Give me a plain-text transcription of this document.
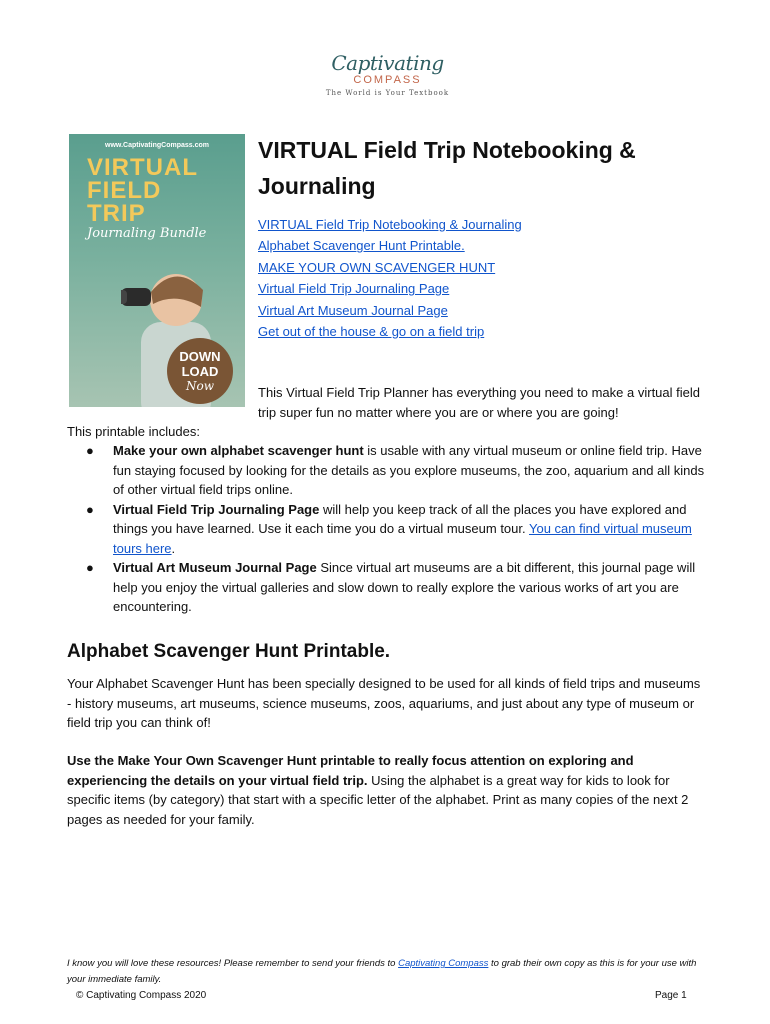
Captivating
COMPASS
The World is Your Textbook
www.CaptivatingCompass.com
VIRTUAL
FIELD
TRIP
Journaling Bundle
DOWN
LOAD
Now
VIRTUAL Field Trip Notebooking & Journaling
VIRTUAL Field Trip Notebooking & Journaling
Alphabet Scavenger Hunt Printable.
MAKE YOUR OWN SCAVENGER HUNT
Virtual Field Trip Journaling Page
Virtual Art Museum Journal Page
Get out of the house & go on a field trip

This Virtual Field Trip Planner has everything you need to make a virtual field trip super fun no matter where you are or where you are going!

This printable includes:

● Make your own alphabet scavenger hunt is usable with any virtual museum or online field trip. Have fun staying focused by looking for the details as you explore museums, the zoo, aquarium and all kinds of other virtual field trips online.
● Virtual Field Trip Journaling Page will help you keep track of all the places you have explored and things you have learned. Use it each time you do a virtual museum tour. You can find virtual museum tours here.
● Virtual Art Museum Journal Page Since virtual art museums are a bit different, this journal page will help you enjoy the virtual galleries and slow down to really explore the various works of art you are encountering.
Alphabet Scavenger Hunt Printable.

Your Alphabet Scavenger Hunt has been specially designed to be used for all kinds of field trips and museums - history museums, art museums, science museums, zoos, aquariums, and just about any type of museum or field trip you can think of!

Use the Make Your Own Scavenger Hunt printable to really focus attention on exploring and experiencing the details on your virtual field trip. Using the alphabet is a great way for kids to look for specific items (by category) that start with a specific letter of the alphabet. Print as many copies of the next 2 pages as needed for your family.

I know you will love these resources! Please remember to send your friends to Captivating Compass to grab their own copy as this is for your use with your immediate family.

© Captivating Compass 2020	Page 1
